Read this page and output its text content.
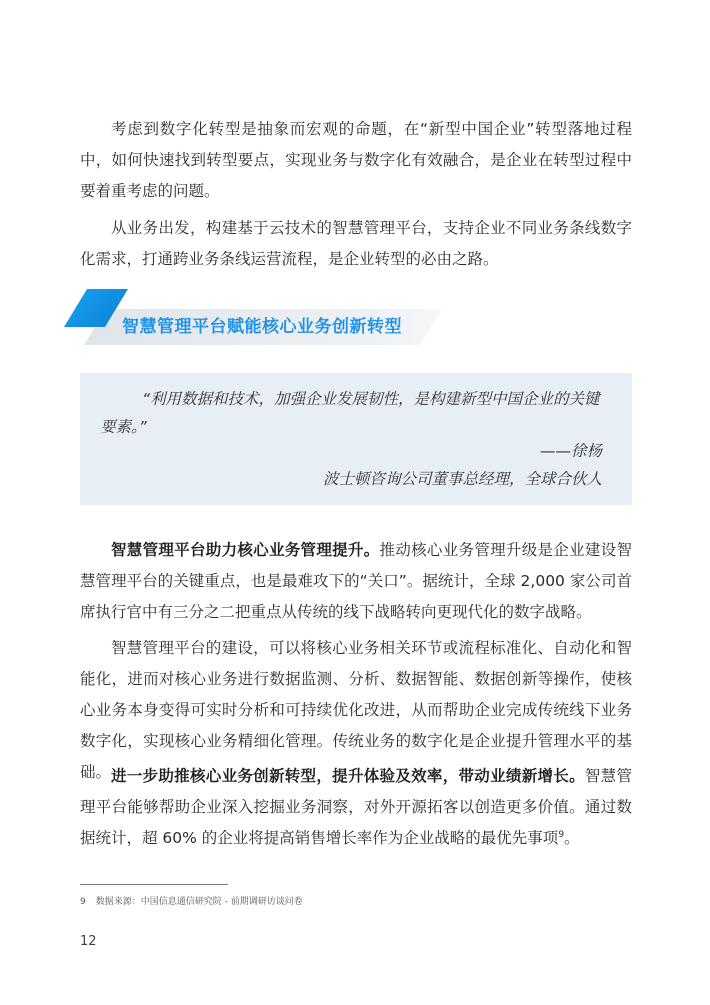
考虑到数字化转型是抽象而宏观的命题，在“新型中国企业”转型落地过程中，如何快速找到转型要点，实现业务与数字化有效融合，是企业在转型过程中要着重考虑的问题。

从业务出发，构建基于云技术的智慧管理平台，支持企业不同业务条线数字化需求，打通跨业务条线运营流程，是企业转型的必由之路。

智慧管理平台赋能核心业务创新转型

“利用数据和技术，加强企业发展韧性，是构建新型中国企业的关键要素。”

——徐杨
波士顿咨询公司董事总经理，全球合伙人

智慧管理平台助力核心业务管理提升。推动核心业务管理升级是企业建设智慧管理平台的关键重点，也是最难攻下的“关口”。据统计，全球 2,000 家公司首席执行官中有三分之二把重点从传统的线下战略转向更现代化的数字战略。

智慧管理平台的建设，可以将核心业务相关环节或流程标准化、自动化和智能化，进而对核心业务进行数据监测、分析、数据智能、数据创新等操作，使核心业务本身变得可实时分析和可持续优化改进，从而帮助企业完成传统线下业务数字化，实现核心业务精细化管理。传统业务的数字化是企业提升管理水平的基础。 进一步助推核心业务创新转型，提升体验及效率，带动业绩新增长。智慧管理平台能够帮助企业深入挖掘业务洞察，对外开源拓客以创造更多价值。通过数据统计，超 60% 的企业将提高销售增长率作为企业战略的最优先事项$^9$。

9 数据来源：中国信息通信研究院 - 前期调研访谈问卷
12
